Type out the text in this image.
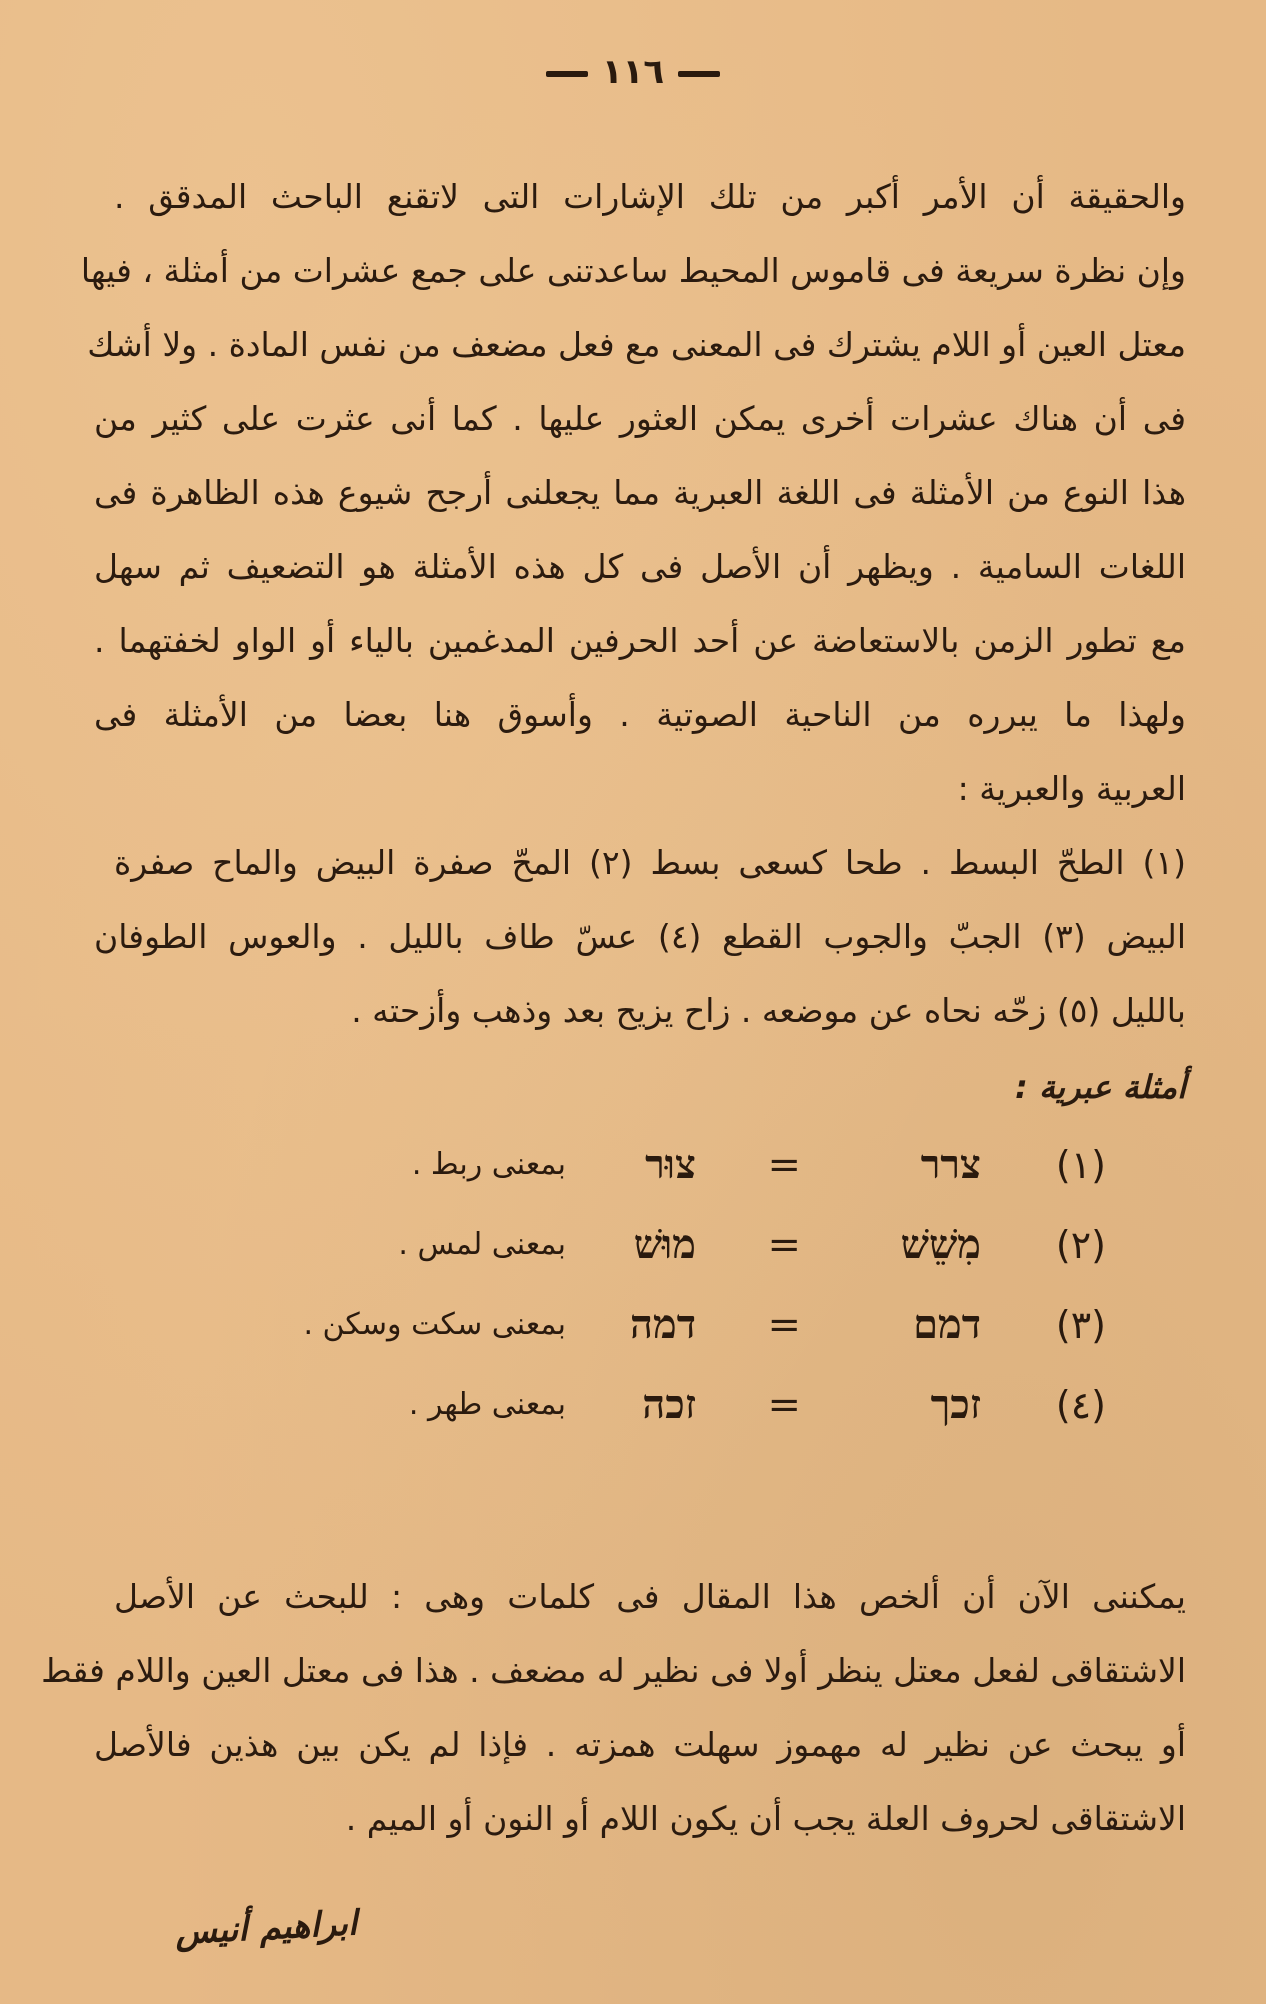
١١٦
والحقيقة أن الأمر أكبر من تلك الإشارات التى لاتقنع الباحث المدقق .
وإن نظرة سريعة فى قاموس المحيط ساعدتنى على جمع عشرات من أمثلة ، فيها
معتل العين أو اللام يشترك فى المعنى مع فعل مضعف من نفس المادة . ولا أشك
فى أن هناك عشرات أخرى يمكن العثور عليها . كما أنى عثرت على كثير من
هذا النوع من الأمثلة فى اللغة العبرية مما يجعلنى أرجح شيوع هذه الظاهرة فى
اللغات السامية . ويظهر أن الأصل فى كل هذه الأمثلة هو التضعيف ثم سهل
مع تطور الزمن بالاستعاضة عن أحد الحرفين المدغمين بالياء أو الواو لخفتهما .
ولهذا ما يبرره من الناحية الصوتية . وأسوق هنا بعضا من الأمثلة فى
العربية والعبرية :
(١) الطحّ البسط . طحا كسعى بسط (٢) المحّ صفرة البيض والماح صفرة
البيض (٣) الجبّ والجوب القطع (٤) عسّ طاف بالليل . والعوس الطوفان
بالليل (٥) زحّه نحاه عن موضعه . زاح يزيح بعد وذهب وأزحته .
أمثلة عبرية :
(١)
צרר
=
צוּר
بمعنى ربط .
(٢)
מִשֵׁשׁ
=
מוּשׁ
بمعنى لمس .
(٣)
דמם
=
דמה
بمعنى سكت وسكن .
(٤)
זכך
=
זכה
بمعنى طهر .
يمكننى الآن أن ألخص هذا المقال فى كلمات وهى : للبحث عن الأصل
الاشتقاقى لفعل معتل ينظر أولا فى نظير له مضعف . هذا فى معتل العين واللام فقط
أو يبحث عن نظير له مهموز سهلت همزته . فإذا لم يكن بين هذين فالأصل
الاشتقاقى لحروف العلة يجب أن يكون اللام أو النون أو الميم .
ابراهيم أنيس
